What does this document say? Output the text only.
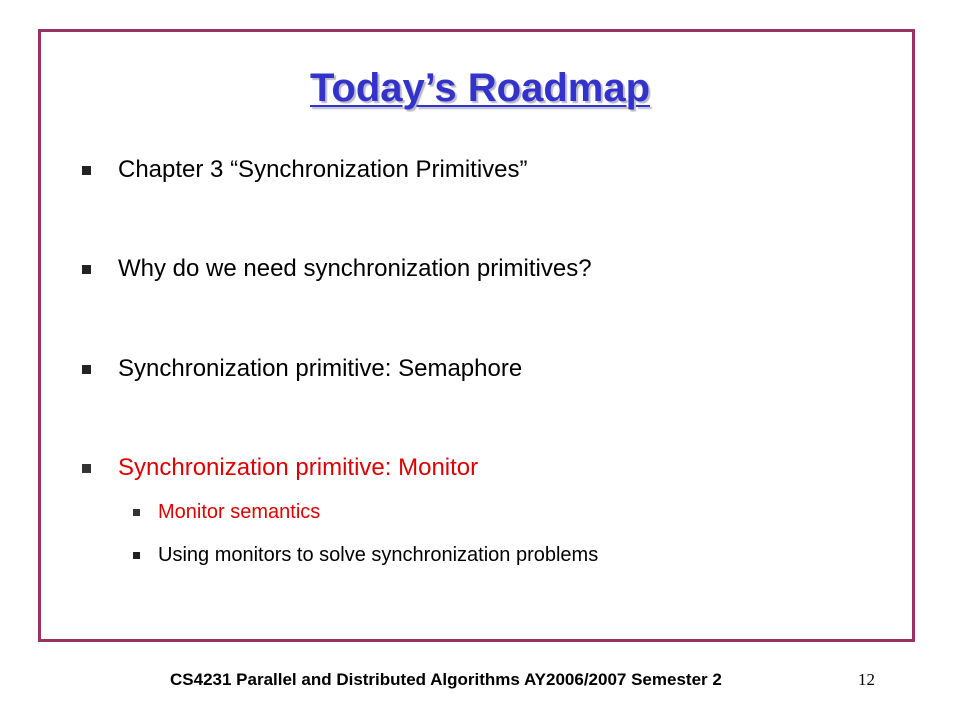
Today’s Roadmap
Chapter 3 “Synchronization Primitives”
Why do we need synchronization primitives?
Synchronization primitive: Semaphore
Synchronization primitive: Monitor
Monitor semantics
Using monitors to solve synchronization problems
CS4231 Parallel and Distributed Algorithms AY2006/2007 Semester 2	12
